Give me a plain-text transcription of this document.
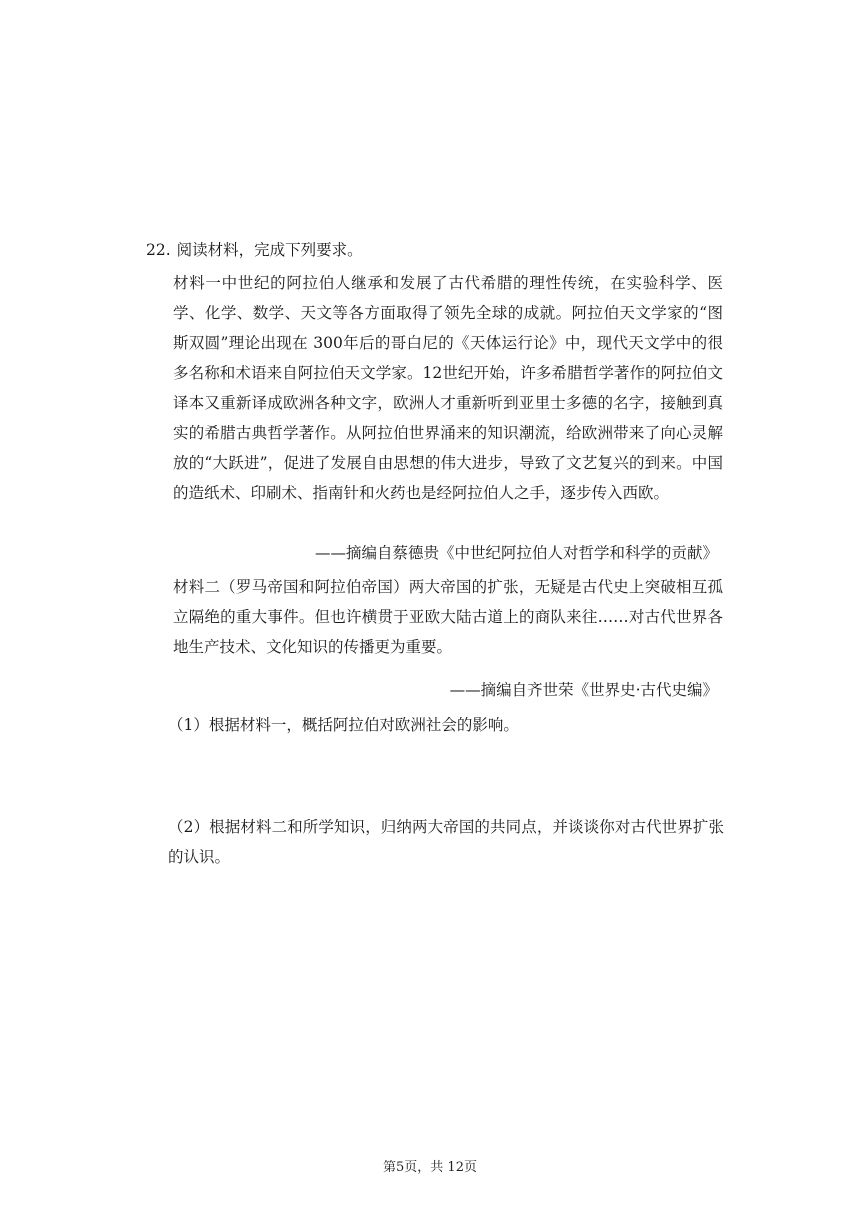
22. 阅读材料，完成下列要求。
材料一中世纪的阿拉伯人继承和发展了古代希腊的理性传统，在实验科学、医学、化学、数学、天文等各方面取得了领先全球的成就。阿拉伯天文学家的“图斯双圆”理论出现在 300年后的哥白尼的《天体运行论》中，现代天文学中的很多名称和术语来自阿拉伯天文学家。12世纪开始，许多希腊哲学著作的阿拉伯文译本又重新译成欧洲各种文字，欧洲人才重新听到亚里士多德的名字，接触到真实的希腊古典哲学著作。从阿拉伯世界涌来的知识潮流，给欧洲带来了向心灵解放的“大跃进”，促进了发展自由思想的伟大进步，导致了文艺复兴的到来。中国的造纸术、印刷术、指南针和火药也是经阿拉伯人之手，逐步传入西欧。
——摘编自蔡德贵《中世纪阿拉伯人对哲学和科学的贡献》
材料二（罗马帝国和阿拉伯帝国）两大帝国的扩张，无疑是古代史上突破相互孤立隔绝的重大事件。但也许横贯于亚欧大陆古道上的商队来往……对古代世界各地生产技术、文化知识的传播更为重要。
——摘编自齐世荣《世界史·古代史编》
（1）根据材料一，概括阿拉伯对欧洲社会的影响。
（2）根据材料二和所学知识，归纳两大帝国的共同点，并谈谈你对古代世界扩张的认识。
第5页，共 12页
